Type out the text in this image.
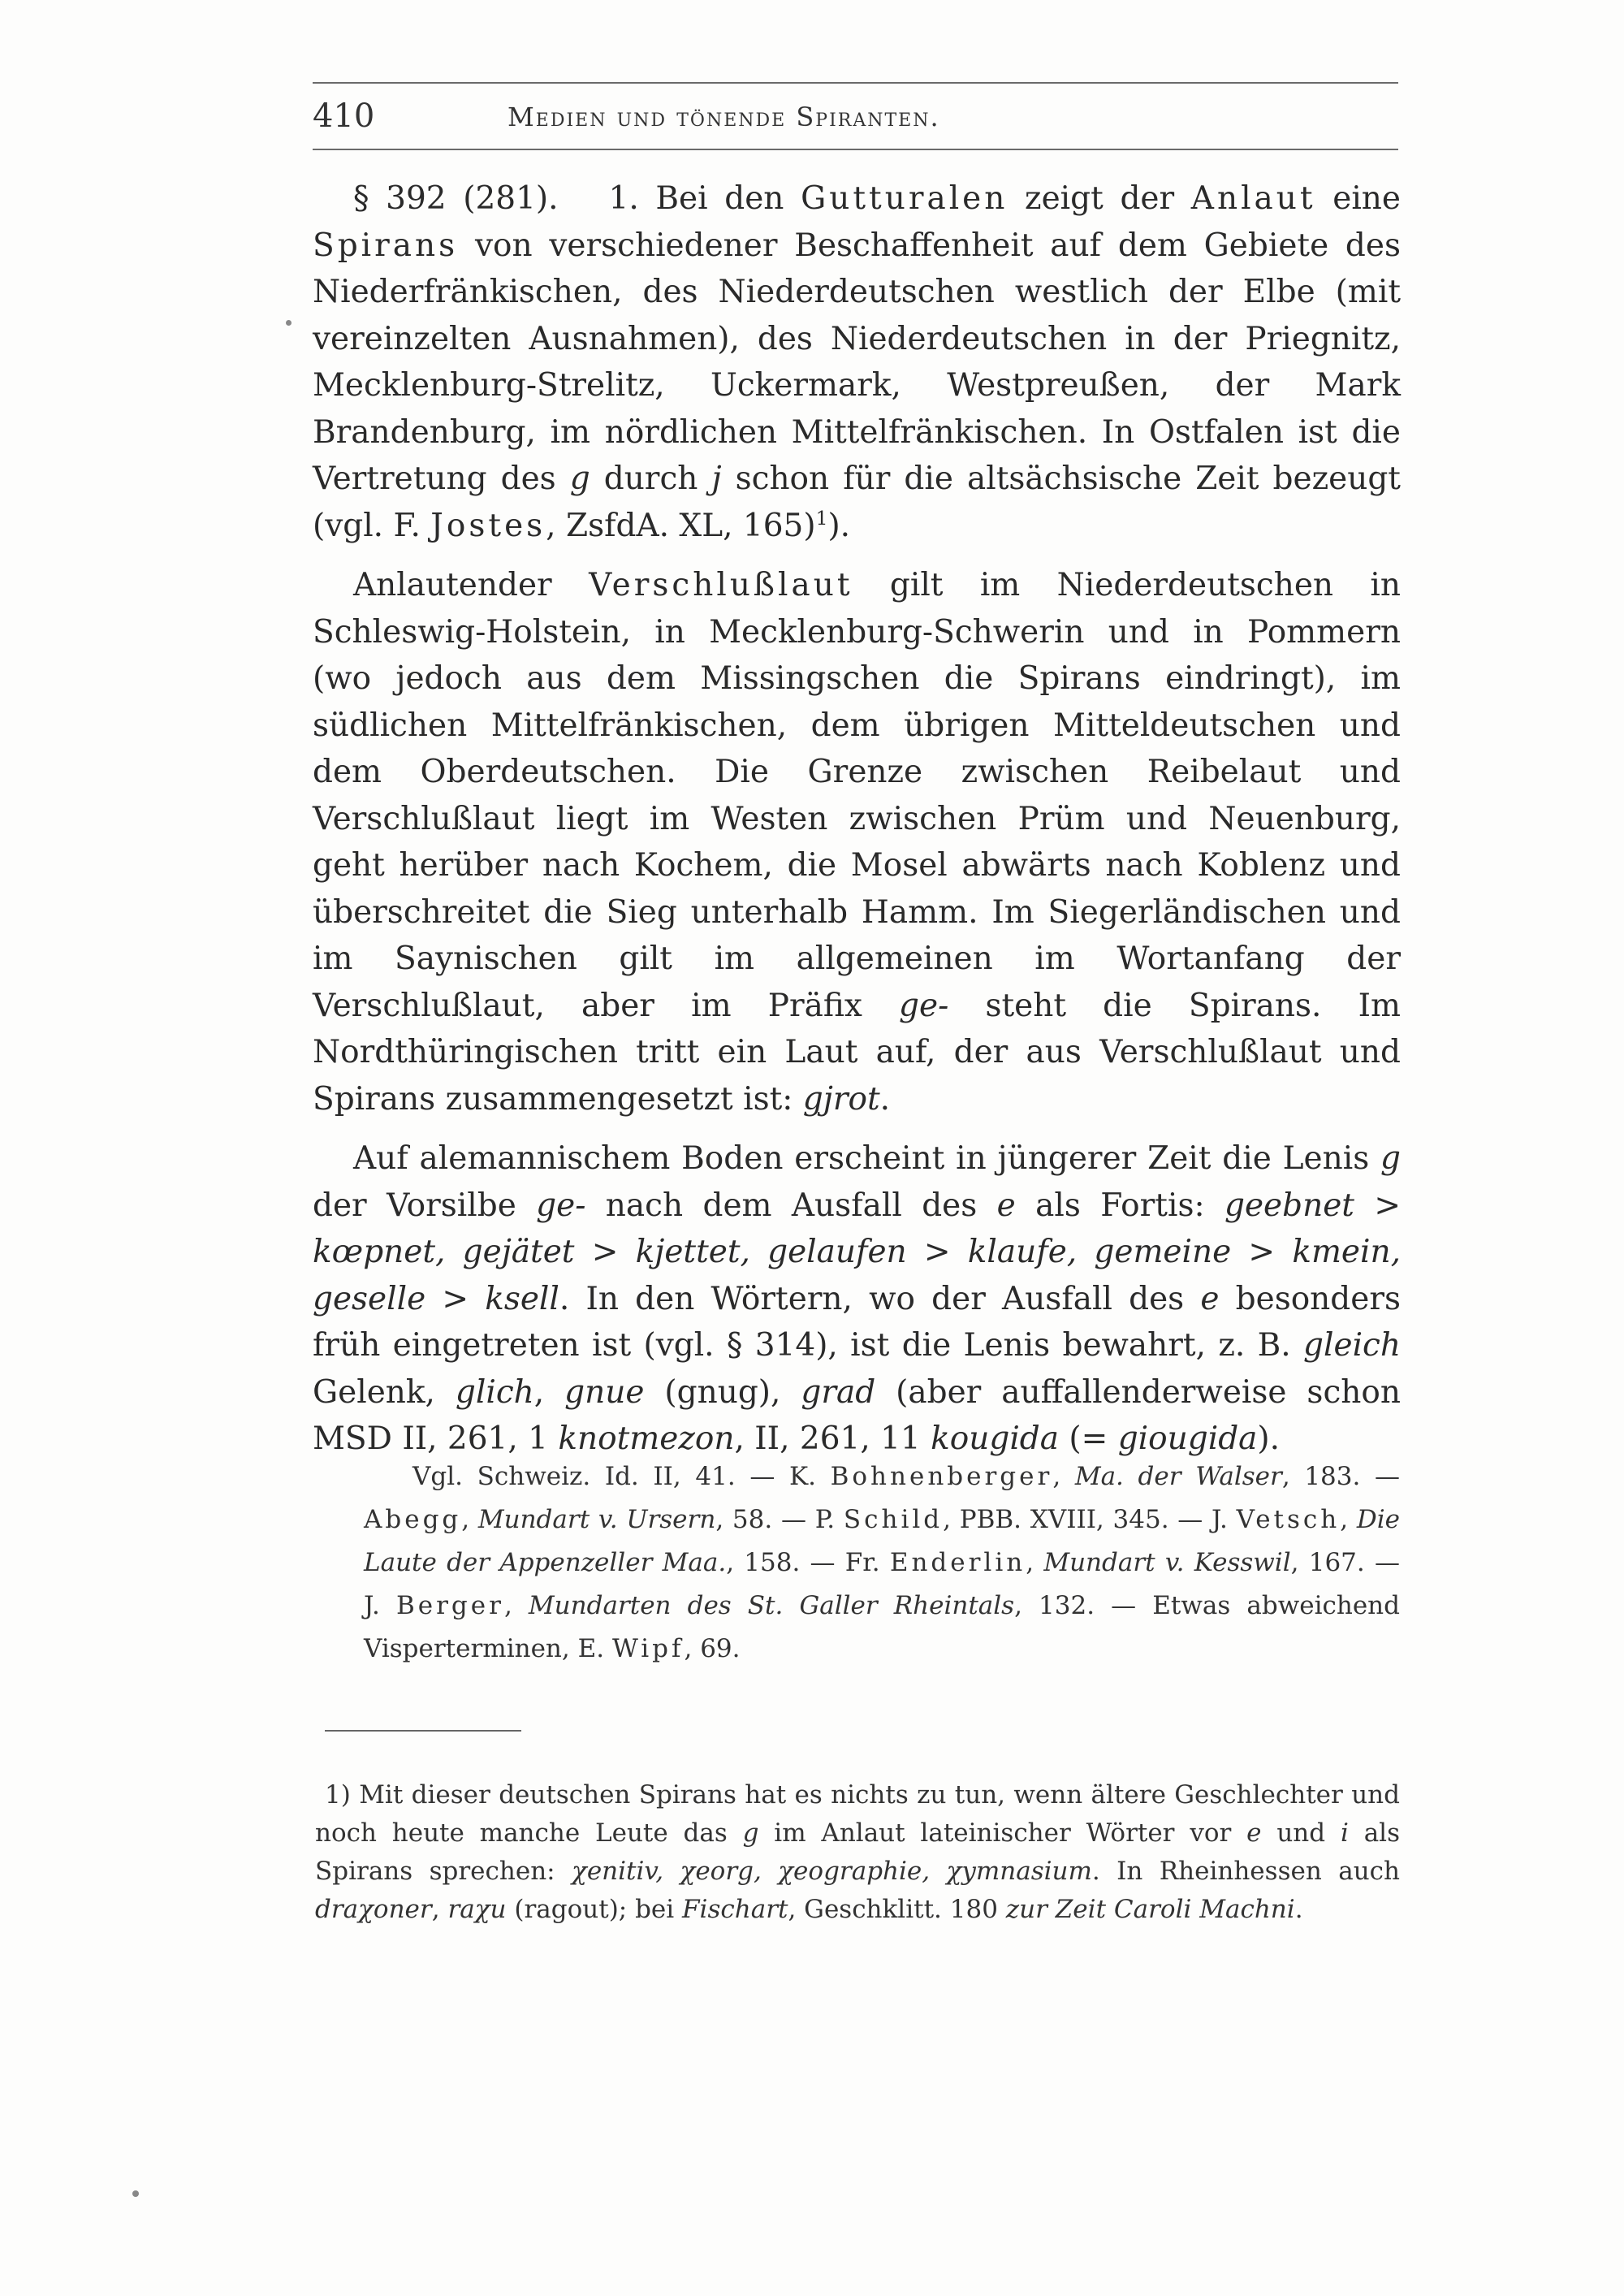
410	Medien und tönende Spiranten.

§ 392 (281). 1. Bei den Gutturalen zeigt der Anlaut eine Spirans von verschiedener Beschaffenheit auf dem Gebiete des Niederfränkischen, des Niederdeutschen westlich der Elbe (mit vereinzelten Ausnahmen), des Niederdeutschen in der Priegnitz, Mecklenburg-Strelitz, Uckermark, Westpreußen, der Mark Brandenburg, im nördlichen Mittelfränkischen. In Ostfalen ist die Vertretung des g durch j schon für die altsächsische Zeit bezeugt (vgl. F. Jostes, ZsfdA. XL, 165)$^1$).

Anlautender Verschlußlaut gilt im Niederdeutschen in Schleswig-Holstein, in Mecklenburg-Schwerin und in Pommern (wo jedoch aus dem Missingschen die Spirans eindringt), im südlichen Mittelfränkischen, dem übrigen Mitteldeutschen und dem Oberdeutschen. Die Grenze zwischen Reibelaut und Verschlußlaut liegt im Westen zwischen Prüm und Neuenburg, geht herüber nach Kochem, die Mosel abwärts nach Koblenz und überschreitet die Sieg unterhalb Hamm. Im Siegerländischen und im Saynischen gilt im allgemeinen im Wortanfang der Verschlußlaut, aber im Präfix ge- steht die Spirans. Im Nordthüringischen tritt ein Laut auf, der aus Verschlußlaut und Spirans zusammengesetzt ist: gjrot.

Auf alemannischem Boden erscheint in jüngerer Zeit die Lenis g der Vorsilbe ge- nach dem Ausfall des e als Fortis: geebnet > kœpnet, gejätet > kjettet, gelaufen > klaufe, gemeine > kmein, geselle > ksell. In den Wörtern, wo der Ausfall des e besonders früh eingetreten ist (vgl. § 314), ist die Lenis bewahrt, z. B. gleich Gelenk, glich, gnue (gnug), grad (aber auffallenderweise schon MSD II, 261, 1 knotmezon, II, 261, 11 kougida (= giougida).

Vgl. Schweiz. Id. II, 41. — K. Bohnenberger, Ma. der Walser, 183. — Abegg, Mundart v. Ursern, 58. — P. Schild, PBB. XVIII, 345. — J. Vetsch, Die Laute der Appenzeller Maa., 158. — Fr. Enderlin, Mundart v. Kesswil, 167. — J. Berger, Mundarten des St. Galler Rheintals, 132. — Etwas abweichend Visperterminen, E. Wipf, 69.

1) Mit dieser deutschen Spirans hat es nichts zu tun, wenn ältere Geschlechter und noch heute manche Leute das g im Anlaut lateinischer Wörter vor e und i als Spirans sprechen: χenitiv, χeorg, χeographie, χymnasium. In Rheinhessen auch draχoner, raχu (ragout); bei Fischart, Geschklitt. 180 zur Zeit Caroli Machni.
